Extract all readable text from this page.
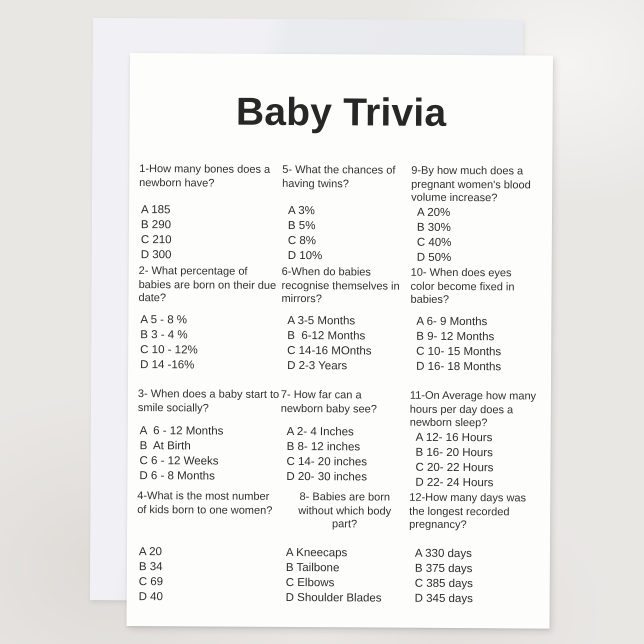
Baby Trivia

1-How many bones does a
newborn have?

A 185

B 290

C 210

D 300

2- What percentage of
babies are born on their due
date?

A 5 - 8 %

B 3 - 4 %

C 10 - 12%

D 14 -16%

3- When does a baby start to
smile socially?

A  6 - 12 Months

B  At Birth

C 6 - 12 Weeks

D 6 - 8 Months

4-What is the most number
of kids born to one women?

A 20

B 34

C 69

D 40

5- What the chances of
having twins?

A 3%

B 5%

C 8%

D 10%

6-When do babies
recognise themselves in
mirrors?

A 3-5 Months

B  6-12 Months

C 14-16 MOnths

D 2-3 Years

7- How far can a
newborn baby see?

A 2- 4 Inches

B 8- 12 inches

C 14- 20 inches

D 20- 30 inches

8- Babies are born
without which body
part?

A Kneecaps

B Tailbone

C Elbows

D Shoulder Blades

9-By how much does a
pregnant women's blood
volume increase?

A 20%

B 30%

C 40%

D 50%

10- When does eyes
color become fixed in
babies?

A 6- 9 Months

B 9- 12 Months

C 10- 15 Months

D 16- 18 Months

11-On Average how many
hours per day does a
newborn sleep?

A 12- 16 Hours

B 16- 20 Hours

C 20- 22 Hours

D 22- 24 Hours

12-How many days was
the longest recorded
pregnancy?

A 330 days

B 375 days

C 385 days

D 345 days
